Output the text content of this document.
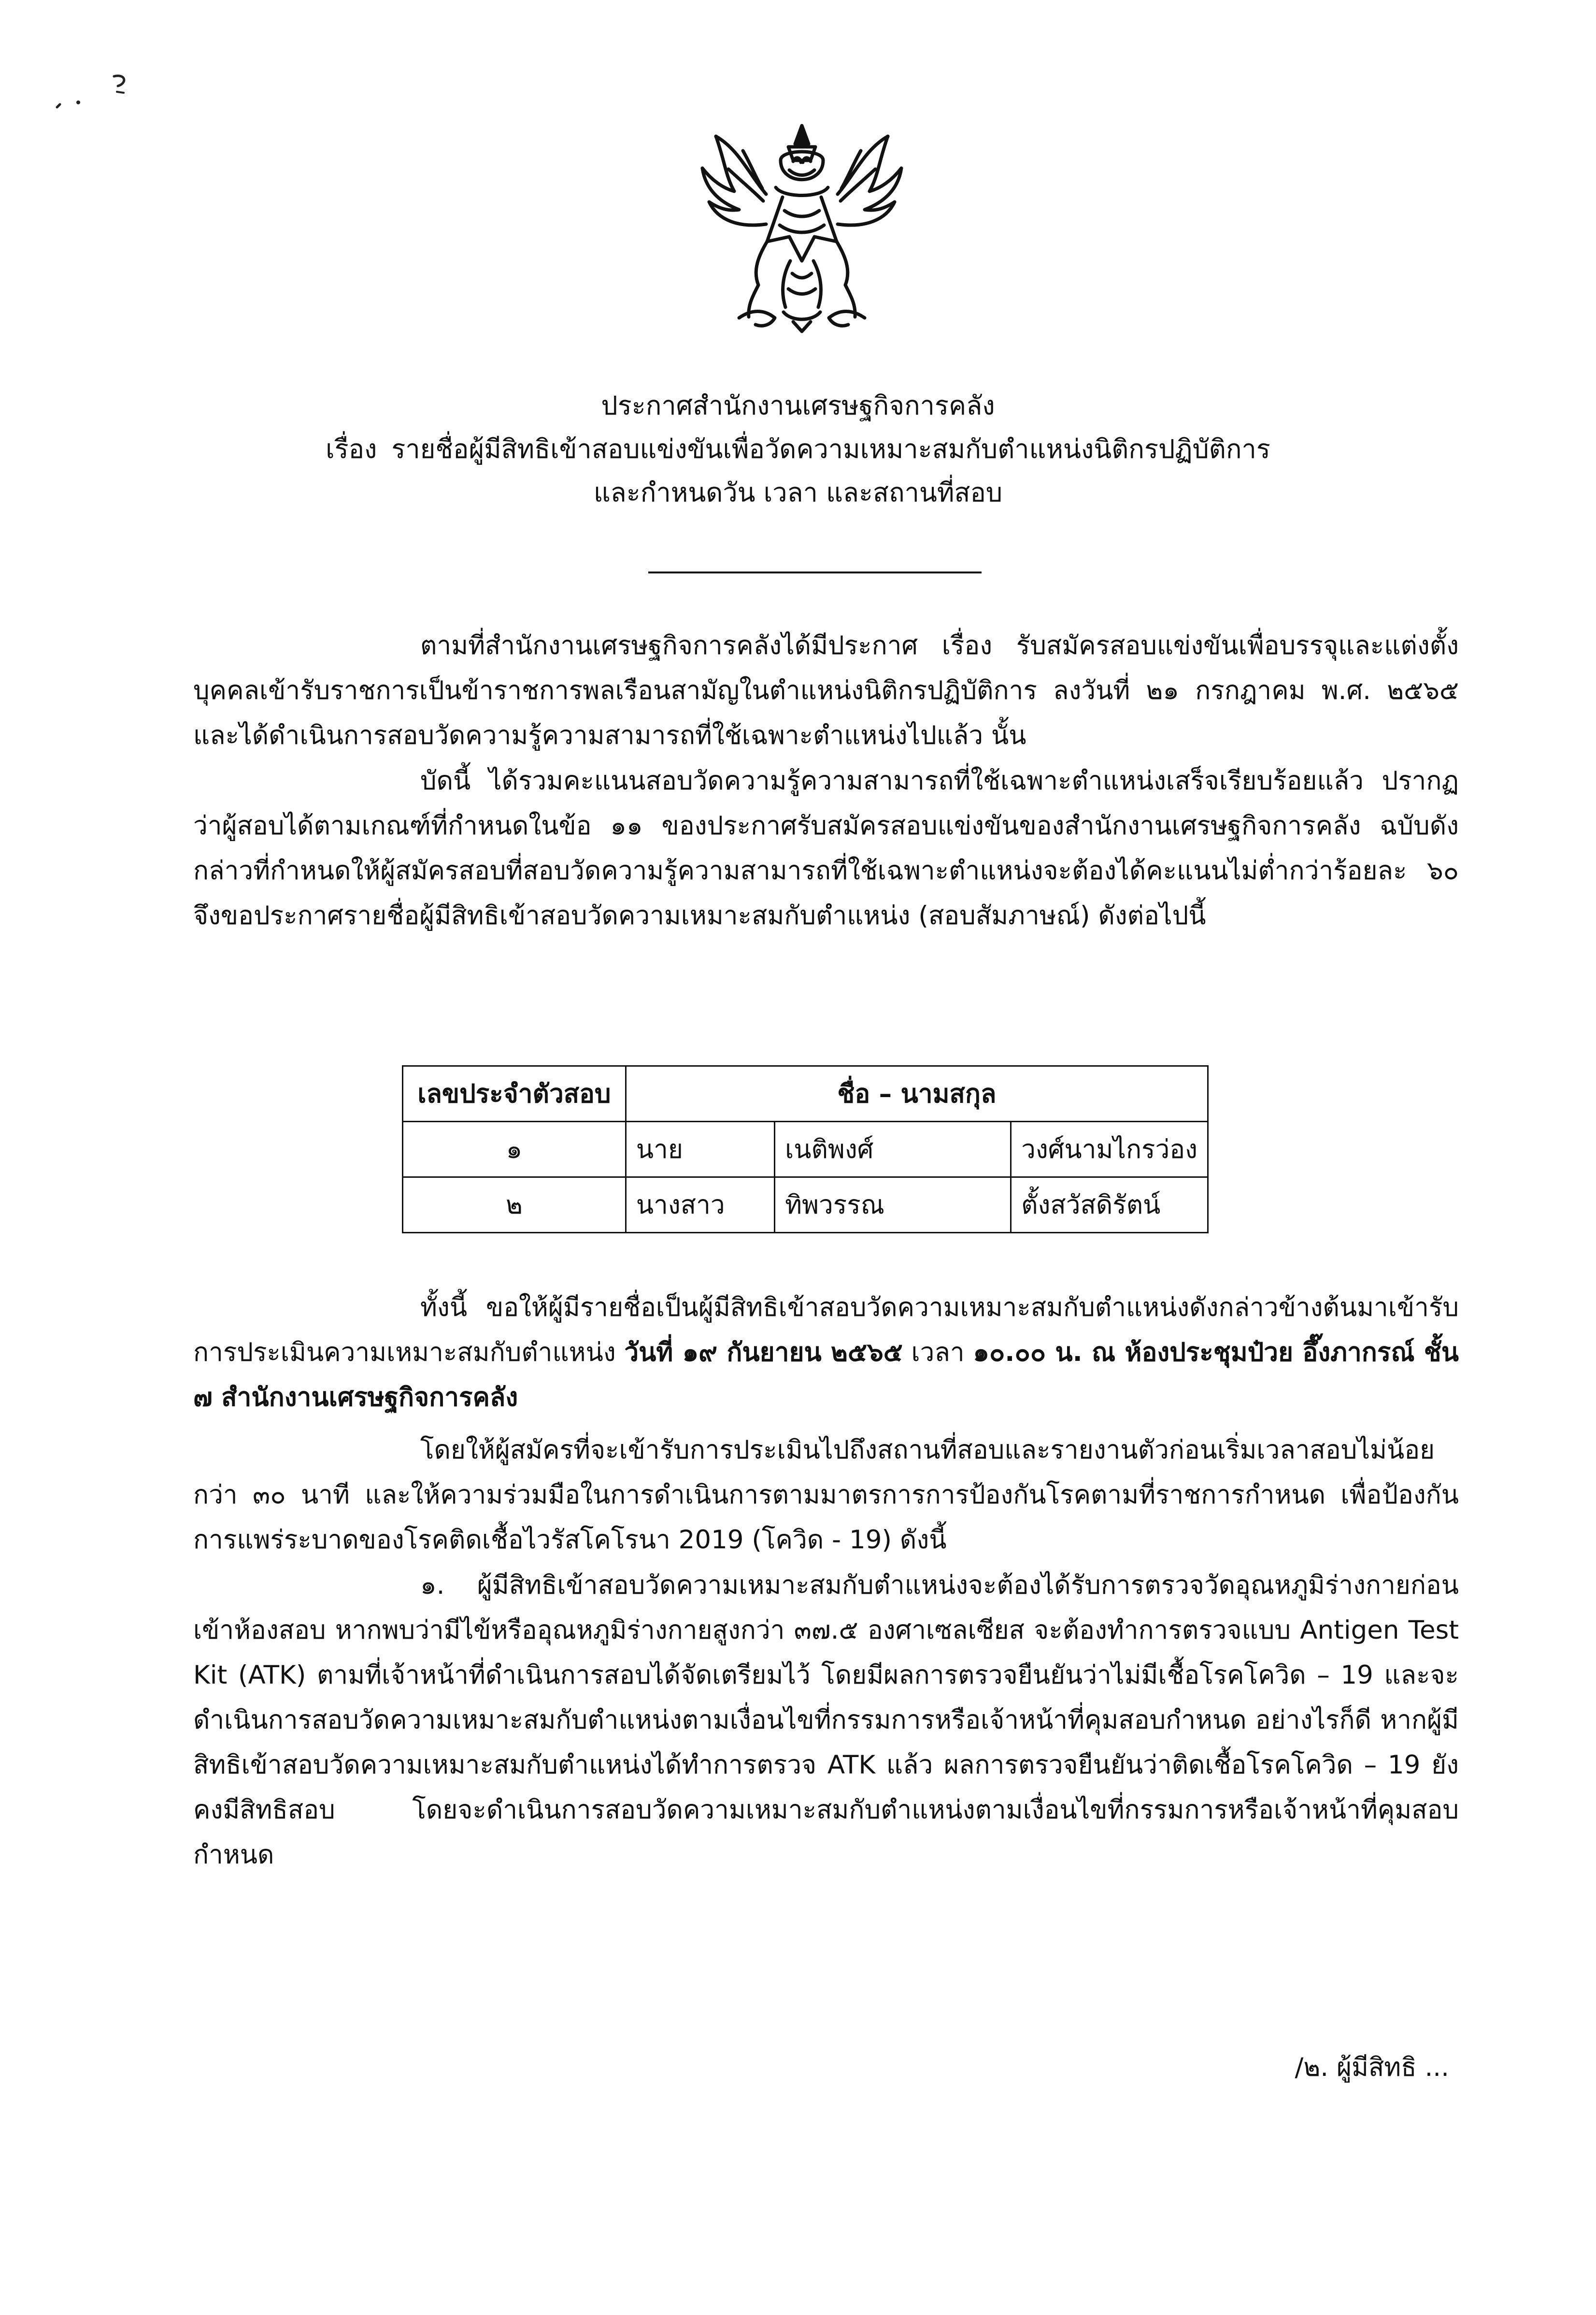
ประกาศสำนักงานเศรษฐกิจการคลัง
เรื่อง รายชื่อผู้มีสิทธิเข้าสอบแข่งขันเพื่อวัดความเหมาะสมกับตำแหน่งนิติกรปฏิบัติการ
และกำหนดวัน เวลา และสถานที่สอบ

ตามที่สำนักงานเศรษฐกิจการคลังได้มีประกาศ เรื่อง รับสมัครสอบแข่งขันเพื่อบรรจุและแต่งตั้งบุคคลเข้ารับราชการเป็นข้าราชการพลเรือนสามัญในตำแหน่งนิติกรปฏิบัติการ ลงวันที่ ๒๑ กรกฎาคม พ.ศ. ๒๕๖๕ และได้ดำเนินการสอบวัดความรู้ความสามารถที่ใช้เฉพาะตำแหน่งไปแล้ว นั้น

บัดนี้ ได้รวมคะแนนสอบวัดความรู้ความสามารถที่ใช้เฉพาะตำแหน่งเสร็จเรียบร้อยแล้ว ปรากฏว่าผู้สอบได้ตามเกณฑ์ที่กำหนดในข้อ ๑๑ ของประกาศรับสมัครสอบแข่งขันของสำนักงานเศรษฐกิจการคลัง ฉบับดังกล่าวที่กำหนดให้ผู้สมัครสอบที่สอบวัดความรู้ความสามารถที่ใช้เฉพาะตำแหน่งจะต้องได้คะแนนไม่ต่ำกว่าร้อยละ ๖๐ จึงขอประกาศรายชื่อผู้มีสิทธิเข้าสอบวัดความเหมาะสมกับตำแหน่ง (สอบสัมภาษณ์) ดังต่อไปนี้

เลขประจำตัวสอบ	ชื่อ – นามสกุล		
๑	นาย	เนติพงศ์	วงศ์นามไกรว่อง
๒	นางสาว	ทิพวรรณ	ตั้งสวัสดิรัตน์

ทั้งนี้ ขอให้ผู้มีรายชื่อเป็นผู้มีสิทธิเข้าสอบวัดความเหมาะสมกับตำแหน่งดังกล่าวข้างต้นมาเข้ารับการประเมินความเหมาะสมกับตำแหน่ง วันที่ ๑๙ กันยายน ๒๕๖๕ เวลา ๑๐.๐๐ น. ณ ห้องประชุมป๋วย อึ๊งภากรณ์ ชั้น ๗ สำนักงานเศรษฐกิจการคลัง

โดยให้ผู้สมัครที่จะเข้ารับการประเมินไปถึงสถานที่สอบและรายงานตัวก่อนเริ่มเวลาสอบไม่น้อยกว่า ๓๐ นาที และให้ความร่วมมือในการดำเนินการตามมาตรการการป้องกันโรคตามที่ราชการกำหนด เพื่อป้องกันการแพร่ระบาดของโรคติดเชื้อไวรัสโคโรนา 2019 (โควิด - 19) ดังนี้

๑. ผู้มีสิทธิเข้าสอบวัดความเหมาะสมกับตำแหน่งจะต้องได้รับการตรวจวัดอุณหภูมิร่างกายก่อนเข้าห้องสอบ หากพบว่ามีไข้หรืออุณหภูมิร่างกายสูงกว่า ๓๗.๕ องศาเซลเซียส จะต้องทำการตรวจแบบ Antigen Test Kit (ATK) ตามที่เจ้าหน้าที่ดำเนินการสอบได้จัดเตรียมไว้ โดยมีผลการตรวจยืนยันว่าไม่มีเชื้อโรคโควิด – 19 และจะดำเนินการสอบวัดความเหมาะสมกับตำแหน่งตามเงื่อนไขที่กรรมการหรือเจ้าหน้าที่คุมสอบกำหนด อย่างไรก็ดี หากผู้มีสิทธิเข้าสอบวัดความเหมาะสมกับตำแหน่งได้ทำการตรวจ ATK แล้ว ผลการตรวจยืนยันว่าติดเชื้อโรคโควิด – 19 ยังคงมีสิทธิสอบ โดยจะดำเนินการสอบวัดความเหมาะสมกับตำแหน่งตามเงื่อนไขที่กรรมการหรือเจ้าหน้าที่คุมสอบกำหนด

/๒. ผู้มีสิทธิ ...
